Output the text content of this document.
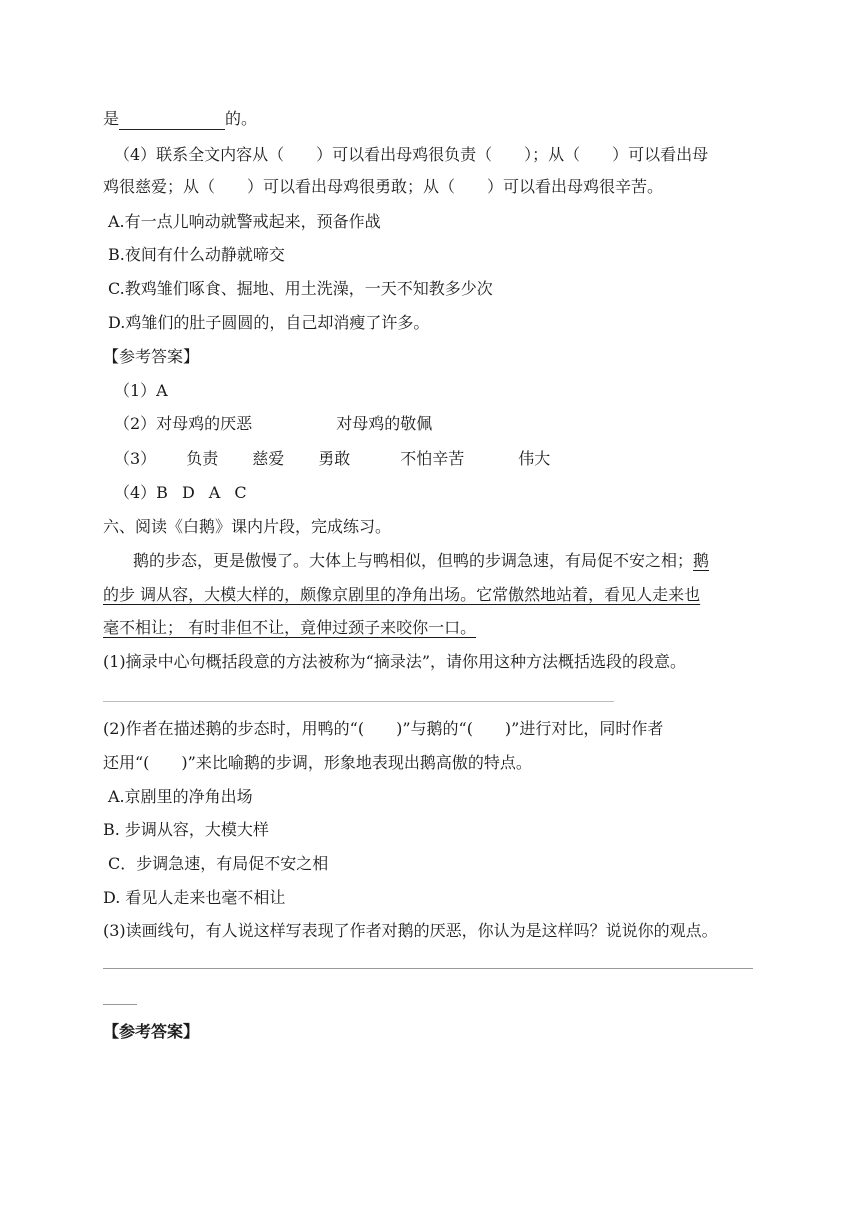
是	的。
（4）联系全文内容从（　　）可以看出母鸡很负责（　　）；从（　　）可以看出母
鸡很慈爱；从（　　）可以看出母鸡很勇敢；从（　　）可以看出母鸡很辛苦。
A.有一点儿响动就警戒起来，预备作战
B.夜间有什么动静就啼交
C.教鸡雏们啄食、掘地、用土洗澡，一天不知教多少次
D.鸡雏们的肚子圆圆的，自己却消瘦了许多。
【参考答案】
（1）A
（2）对母鸡的厌恶	对母鸡的敬佩
（3） 负责 慈爱 勇敢	不怕辛苦	伟大
（4）B D A C
六、阅读《白鹅》课内片段，完成练习。
鹅的步态，更是傲慢了。大体上与鸭相似，但鸭的步调急速，有局促不安之相；鹅
的步 调从容，大模大样的，颇像京剧里的净角出场。它常傲然地站着，看见人走来也
毫不相让； 有时非但不让，竟伸过颈子来咬你一口。
(1)摘录中心句概括段意的方法被称为“摘录法”，请你用这种方法概括选段的段意。
(2)作者在描述鹅的步态时，用鸭的“(　　)”与鹅的“(　　)”进行对比，同时作者
还用“(　　)”来比喻鹅的步调，形象地表现出鹅高傲的特点。
A.京剧里的净角出场
B. 步调从容，大模大样
C．步调急速，有局促不安之相
D. 看见人走来也毫不相让
(3)读画线句，有人说这样写表现了作者对鹅的厌恶，你认为是这样吗？说说你的观点。
【参考答案】
